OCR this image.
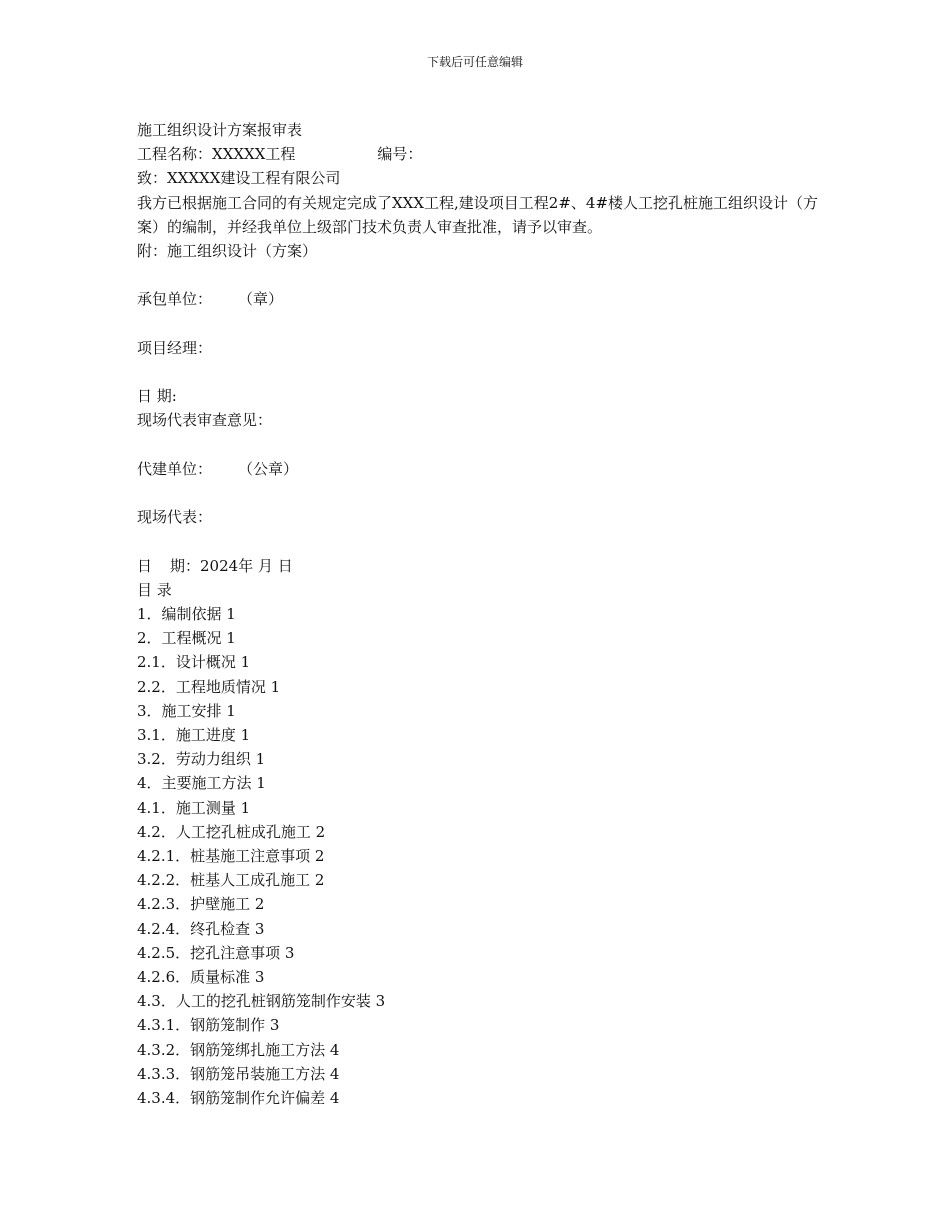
下载后可任意编辑
施工组织设计方案报审表
工程名称：XXXXX工程	编号：
致：XXXXX建设工程有限公司
我方已根据施工合同的有关规定完成了XXX工程,建设项目工程2#、4#楼人工挖孔桩施工组织设计（方案）的编制，并经我单位上级部门技术负责人审查批准，请予以审查。
附：施工组织设计（方案）
承包单位： （章）
项目经理：
日 期:
现场代表审查意见：
代建单位： （公章）
现场代表：
日 期：2024年 月 日
目 录
1．编制依据 1
2．工程概况 1
2.1．设计概况 1
2.2．工程地质情况 1
3．施工安排 1
3.1．施工进度 1
3.2．劳动力组织 1
4．主要施工方法 1
4.1．施工测量 1
4.2．人工挖孔桩成孔施工 2
4.2.1．桩基施工注意事项 2
4.2.2．桩基人工成孔施工 2
4.2.3．护壁施工 2
4.2.4．终孔检查 3
4.2.5．挖孔注意事项 3
4.2.6．质量标准 3
4.3．人工的挖孔桩钢筋笼制作安装 3
4.3.1．钢筋笼制作 3
4.3.2．钢筋笼绑扎施工方法 4
4.3.3．钢筋笼吊装施工方法 4
4.3.4．钢筋笼制作允许偏差 4
